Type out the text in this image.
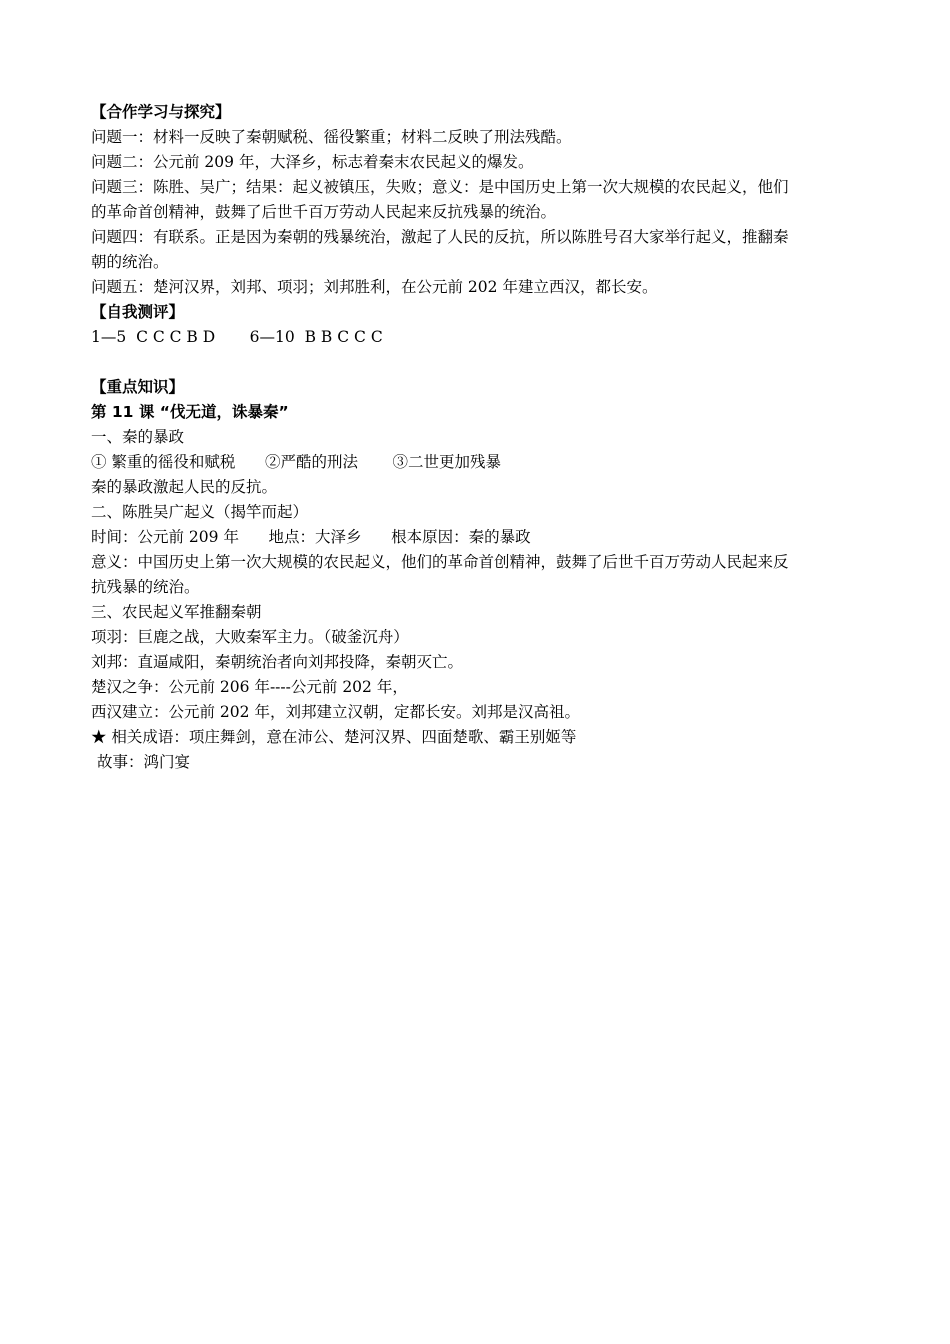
【合作学习与探究】

问题一：材料一反映了秦朝赋税、徭役繁重；材料二反映了刑法残酷。

问题二：公元前 209 年，大泽乡，标志着秦末农民起义的爆发。

问题三：陈胜、吴广；结果：起义被镇压，失败；意义：是中国历史上第一次大规模的农民起义，他们

的革命首创精神，鼓舞了后世千百万劳动人民起来反抗残暴的统治。

问题四：有联系。正是因为秦朝的残暴统治，激起了人民的反抗，所以陈胜号召大家举行起义，推翻秦

朝的统治。

问题五：楚河汉界，刘邦、项羽；刘邦胜利，在公元前 202 年建立西汉，都长安。

【自我测评】

1—5  C C C B D       6—10  B B C C C

【重点知识】

第 11 课 “伐无道，诛暴秦”

一、秦的暴政

① 繁重的徭役和赋税      ②严酷的刑法       ③二世更加残暴

秦的暴政激起人民的反抗。

二、陈胜吴广起义（揭竿而起）

时间：公元前 209 年      地点：大泽乡      根本原因：秦的暴政

意义：中国历史上第一次大规模的农民起义，他们的革命首创精神，鼓舞了后世千百万劳动人民起来反

抗残暴的统治。

三、农民起义军推翻秦朝

项羽：巨鹿之战，大败秦军主力。（破釜沉舟）

刘邦：直逼咸阳，秦朝统治者向刘邦投降，秦朝灭亡。

楚汉之争：公元前 206 年----公元前 202 年，

西汉建立：公元前 202 年，刘邦建立汉朝，定都长安。刘邦是汉高祖。

★ 相关成语：项庄舞剑，意在沛公、楚河汉界、四面楚歌、霸王别姬等

故事：鸿门宴
